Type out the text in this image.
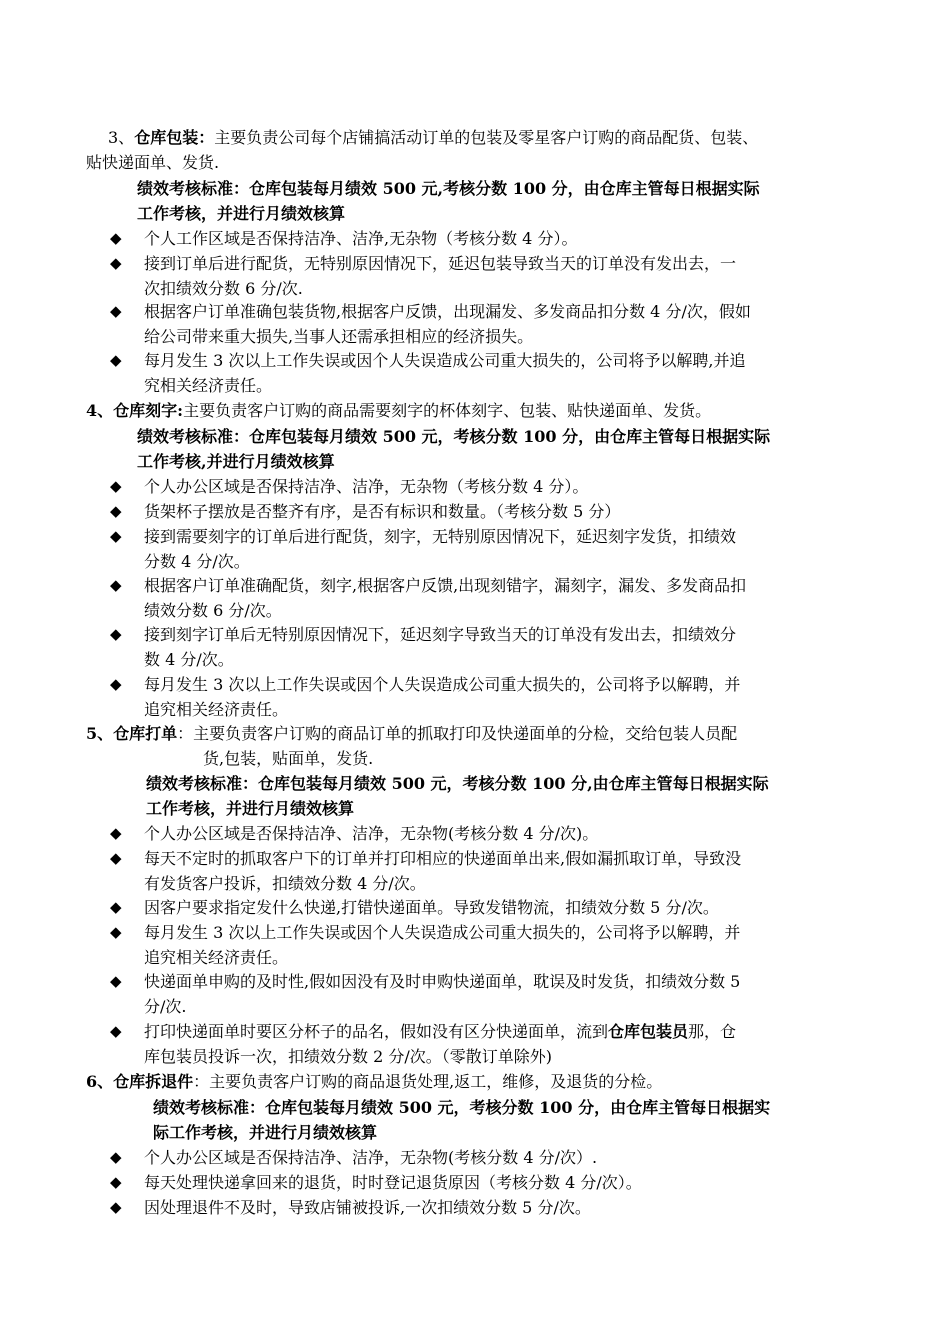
3、仓库包装：主要负责公司每个店铺搞活动订单的包装及零星客户订购的商品配货、包装、
贴快递面单、发货.
绩效考核标准：仓库包装每月绩效 500 元,考核分数 100 分，由仓库主管每日根据实际
工作考核，并进行月绩效核算
◆ 个人工作区域是否保持洁净、洁净,无杂物（考核分数 4 分）。
◆ 接到订单后进行配货，无特别原因情况下，延迟包装导致当天的订单没有发出去，一
次扣绩效分数 6 分/次.
◆ 根据客户订单准确包装货物,根据客户反馈，出现漏发、多发商品扣分数 4 分/次，假如
给公司带来重大损失,当事人还需承担相应的经济损失。
◆ 每月发生 3 次以上工作失误或因个人失误造成公司重大损失的，公司将予以解聘,并追
究相关经济责任。
4、仓库刻字:主要负责客户订购的商品需要刻字的杯体刻字、包装、贴快递面单、发货。
绩效考核标准：仓库包装每月绩效 500 元，考核分数 100 分，由仓库主管每日根据实际
工作考核,并进行月绩效核算
◆ 个人办公区域是否保持洁净、洁净，无杂物（考核分数 4 分）。
◆ 货架杯子摆放是否整齐有序，是否有标识和数量。（考核分数 5 分）
◆ 接到需要刻字的订单后进行配货，刻字，无特别原因情况下，延迟刻字发货，扣绩效
分数 4 分/次。
◆ 根据客户订单准确配货，刻字,根据客户反馈,出现刻错字，漏刻字，漏发、多发商品扣
绩效分数 6 分/次。
◆ 接到刻字订单后无特别原因情况下，延迟刻字导致当天的订单没有发出去，扣绩效分
数 4 分/次。
◆ 每月发生 3 次以上工作失误或因个人失误造成公司重大损失的，公司将予以解聘，并
追究相关经济责任。
5、仓库打单：主要负责客户订购的商品订单的抓取打印及快递面单的分检，交给包装人员配
货,包装，贴面单，发货.
绩效考核标准：仓库包装每月绩效 500 元，考核分数 100 分,由仓库主管每日根据实际
工作考核，并进行月绩效核算
◆ 个人办公区域是否保持洁净、洁净，无杂物(考核分数 4 分/次)。
◆ 每天不定时的抓取客户下的订单并打印相应的快递面单出来,假如漏抓取订单，导致没
有发货客户投诉，扣绩效分数 4 分/次。
◆ 因客户要求指定发什么快递,打错快递面单。导致发错物流，扣绩效分数 5 分/次。
◆ 每月发生 3 次以上工作失误或因个人失误造成公司重大损失的，公司将予以解聘，并
追究相关经济责任。
◆ 快递面单申购的及时性,假如因没有及时申购快递面单，耽误及时发货，扣绩效分数 5
分/次.
◆ 打印快递面单时要区分杯子的品名，假如没有区分快递面单，流到仓库包装员那，仓
库包装员投诉一次，扣绩效分数 2 分/次。（零散订单除外)
6、仓库拆退件：主要负责客户订购的商品退货处理,返工，维修，及退货的分检。
绩效考核标准：仓库包装每月绩效 500 元，考核分数 100 分，由仓库主管每日根据实
际工作考核，并进行月绩效核算
◆ 个人办公区域是否保持洁净、洁净，无杂物(考核分数 4 分/次）.
◆ 每天处理快递拿回来的退货，时时登记退货原因（考核分数 4 分/次）。
◆ 因处理退件不及时，导致店铺被投诉,一次扣绩效分数 5 分/次。
